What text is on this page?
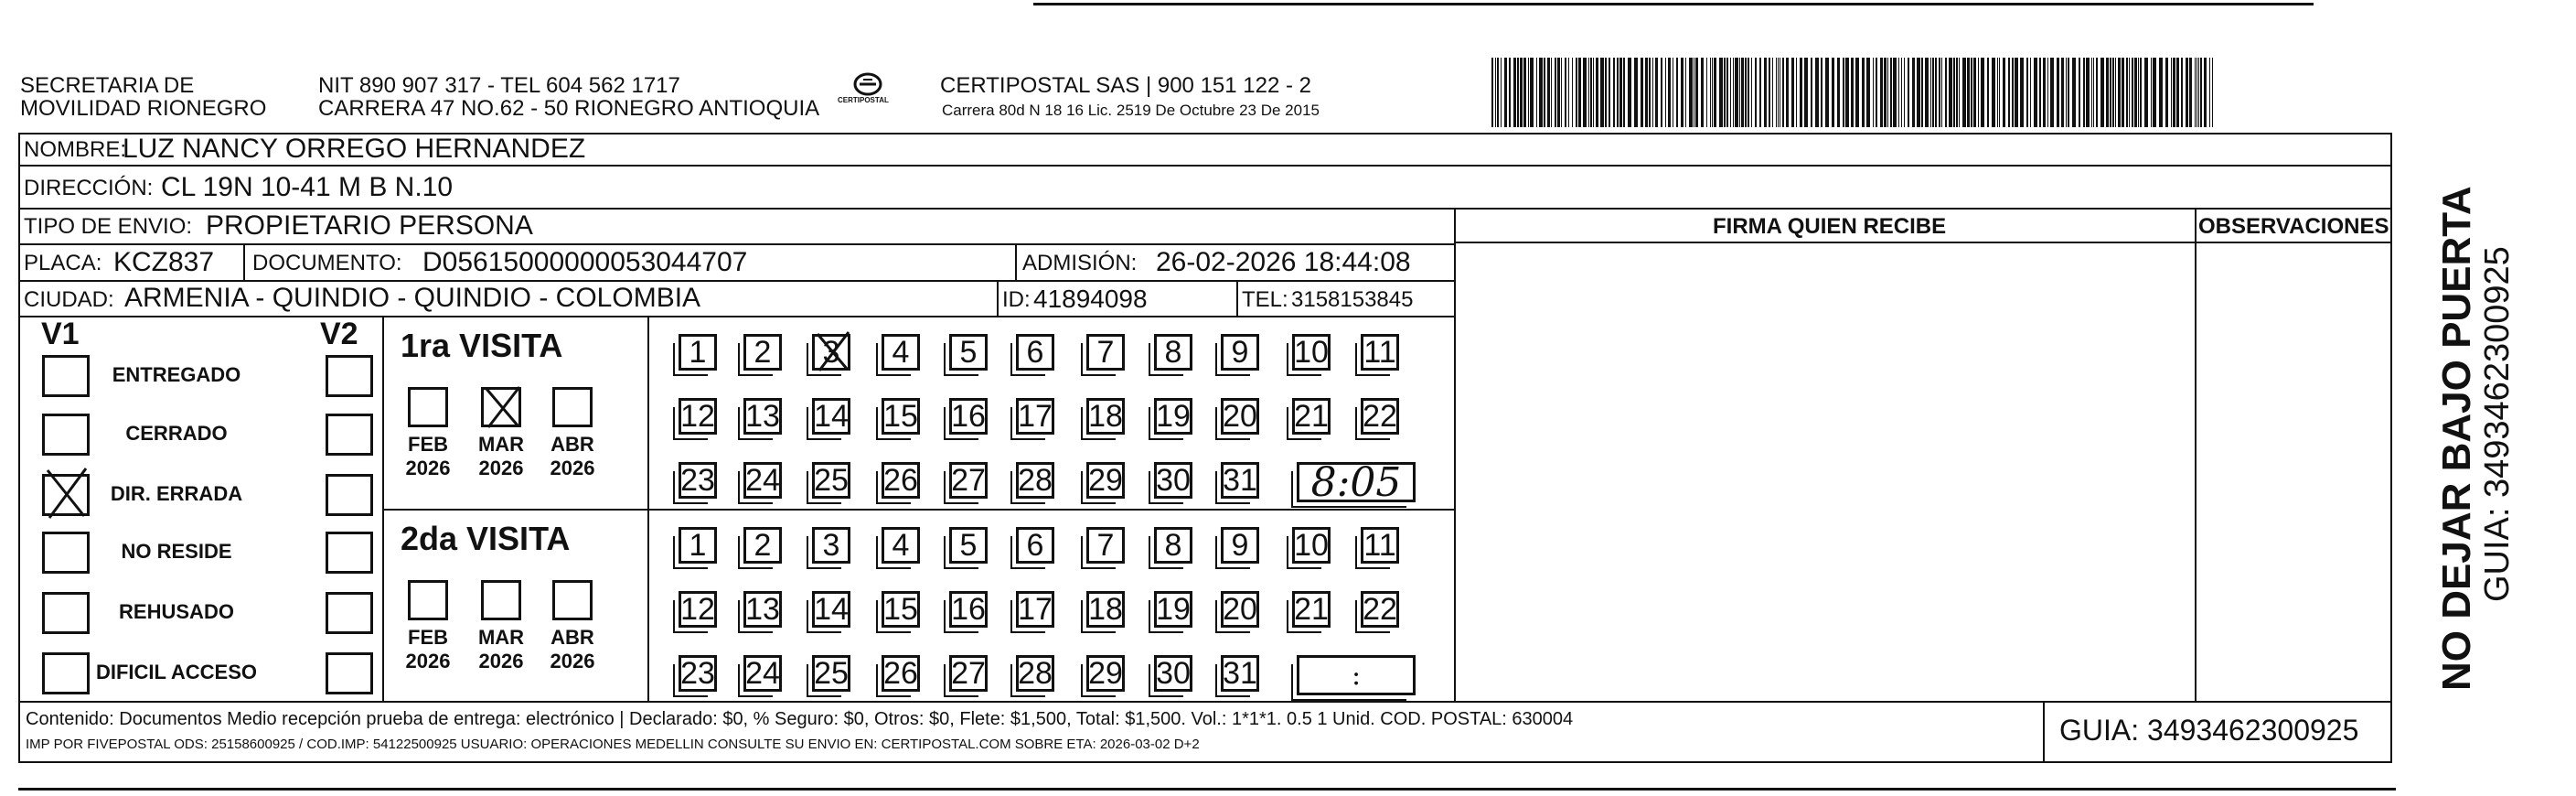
SECRETARIA DE
MOVILIDAD RIONEGRO
NIT 890 907 317 - TEL 604 562 1717
CARRERA 47 NO.62 - 50 RIONEGRO ANTIOQUIA CERTIPOSTAL
CERTIPOSTAL SAS | 900 151 122 - 2
Carrera 80d N 18 16 Lic. 2519 De Octubre 23 De 2015
NOMBRE:
LUZ NANCY ORREGO HERNANDEZ
DIRECCIÓN: CL 19N 10-41 M B N.10
TIPO DE ENVIO: PROPIETARIO PERSONA	FIRMA QUIEN RECIBE	OBSERVACIONES
PLACA: KCZ837 DOCUMENTO: D05615000000053044707	ADMISIÓN: 26-02-2026 18:44:08
CIUDAD: ARMENIA - QUINDIO - QUINDIO - COLOMBIA	ID: 41894098	TEL: 3158153845
V1	V2
ENTREGADO
CERRADO
DIR. ERRADA
NO RESIDE
REHUSADO
DIFICIL ACCESO
1ra VISITA
FEB
2026
MAR
2026
ABR
2026
1 2 3 4 5 6 7 8 9 10 11
12 13 14 15 16 17 18 19 20 21 22
23 24 25 26 27 28 29 30 31 8:05
2da VISITA
FEB
2026
MAR
2026
ABR
2026
1 2 3 4 5 6 7 8 9 10 11
12 13 14 15 16 17 18 19 20 21 22
23 24 25 26 27 28 29 30 31	:	NO DEJAR BAJO PUERTA GUIA: 3493462300925
Contenido: Documentos Medio recepción prueba de entrega: electrónico | Declarado: $0, % Seguro: $0, Otros: $0, Flete: $1,500, Total: $1,500. Vol.: 1*1*1. 0.5 1 Unid. COD. POSTAL: 630004
IMP POR FIVEPOSTAL ODS: 25158600925 / COD.IMP: 54122500925 USUARIO: OPERACIONES MEDELLIN CONSULTE SU ENVIO EN: CERTIPOSTAL.COM SOBRE ETA: 2026-03-02 D+2	GUIA: 3493462300925
